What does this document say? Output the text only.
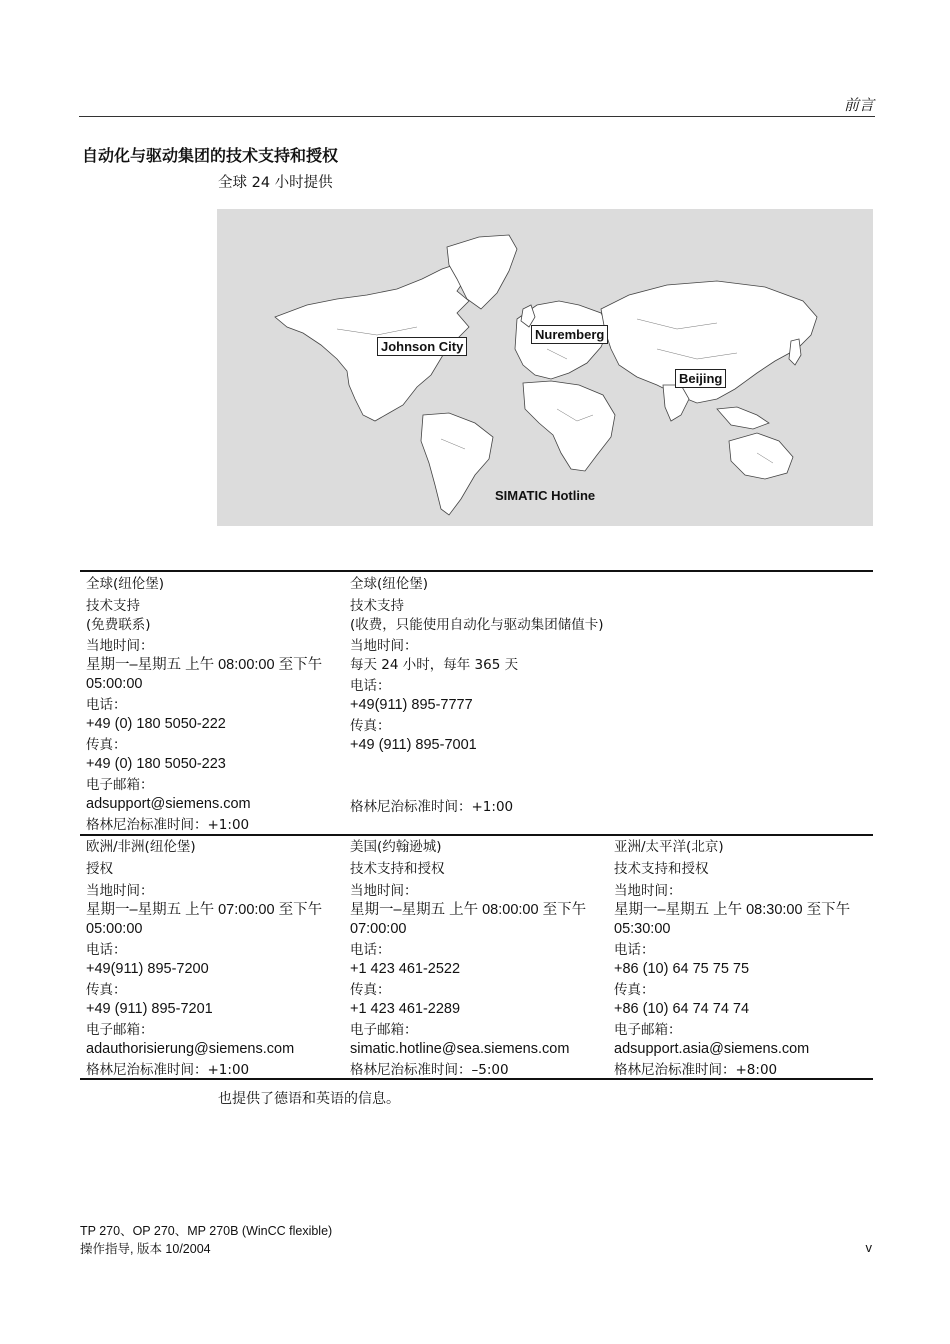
前言
自动化与驱动集团的技术支持和授权
全球 24 小时提供
Johnson City
Nuremberg
Beijing
SIMATIC Hotline
全球(纽伦堡)
技术支持
(免费联系)
当地时间：
星期一–星期五 上午 08:00:00 至下午 05:00:00
电话：
+49 (0) 180 5050-222
传真：
+49 (0) 180 5050-223
电子邮箱：
adsupport@siemens.com
格林尼治标准时间：+1:00
全球(纽伦堡)
技术支持
(收费，只能使用自动化与驱动集团储值卡)
当地时间：
每天 24 小时，每年 365 天
电话：
+49(911) 895-7777
传真：
+49 (911) 895-7001
格林尼治标准时间：+1:00
欧洲/非洲(纽伦堡)
授权
当地时间：
星期一–星期五 上午 07:00:00 至下午 05:00:00
电话：
+49(911) 895-7200
传真：
+49 (911) 895-7201
电子邮箱：
adauthorisierung@siemens.com
格林尼治标准时间：+1:00
美国(约翰逊城)
技术支持和授权
当地时间：
星期一–星期五 上午 08:00:00 至下午 07:00:00
电话：
+1 423 461-2522
传真：
+1 423 461-2289
电子邮箱：
simatic.hotline@sea.siemens.com
格林尼治标准时间：–5:00
亚洲/太平洋(北京)
技术支持和授权
当地时间：
星期一–星期五 上午 08:30:00 至下午 05:30:00
电话：
+86 (10) 64 75 75 75
传真：
+86 (10) 64 74 74 74
电子邮箱：
adsupport.asia@siemens.com
格林尼治标准时间：+8:00
也提供了德语和英语的信息。
TP 270、OP 270、MP 270B (WinCC flexible)
操作指导, 版本 10/2004	v
